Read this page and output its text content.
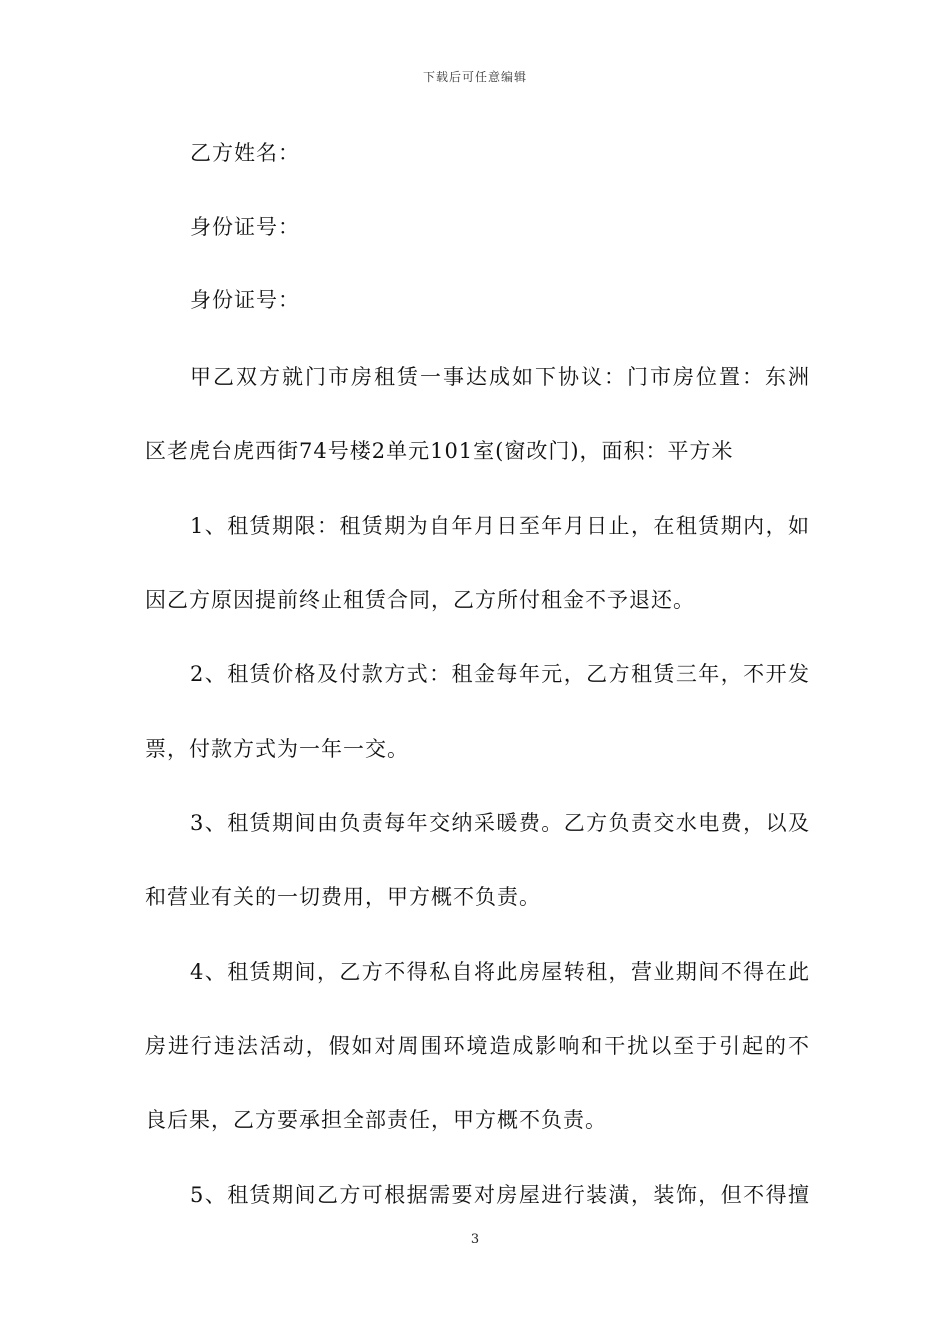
下载后可任意编辑
乙方姓名：
身份证号：
身份证号：
甲乙双方就门市房租赁一事达成如下协议：门市房位置：东洲
区老虎台虎西街74号楼2单元101室(窗改门)，面积：平方米
1、租赁期限：租赁期为自年月日至年月日止，在租赁期内，如
因乙方原因提前终止租赁合同，乙方所付租金不予退还。
2、租赁价格及付款方式：租金每年元，乙方租赁三年，不开发
票，付款方式为一年一交。
3、租赁期间由负责每年交纳采暖费。乙方负责交水电费，以及
和营业有关的一切费用，甲方概不负责。
4、租赁期间，乙方不得私自将此房屋转租，营业期间不得在此
房进行违法活动，假如对周围环境造成影响和干扰以至于引起的不
良后果，乙方要承担全部责任，甲方概不负责。
5、租赁期间乙方可根据需要对房屋进行装潢，装饰，但不得擅
3
